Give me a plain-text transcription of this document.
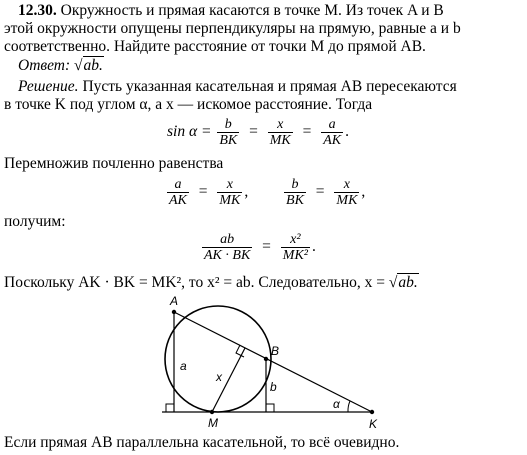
12.30. Окружность и прямая касаются в точке M. Из точек A и B
этой окружности опущены перпендикуляры на прямую, равные a и b
соответственно. Найдите расстояние от точки M до прямой AB.
Ответ: √ab.
Решение. Пусть указанная касательная и прямая AB пересекаются
в точке K под углом α, а x — искомое расстояние. Тогда
$\sin \alpha = \frac{b}{BK} = \frac{x}{MK} = \frac{a}{AK}$ .
Перемножив почленно равенства
$\frac{a}{AK} = \frac{x}{MK}$ ,	$\frac{b}{BK} = \frac{x}{MK}$ ,
получим:
$\frac{ab}{AK \cdot BK} = \frac{\text{x²}}{\text{MK²}}$ .
Поскольку AK · BK = MK², то x² = ab. Следовательно, x = √ab.
A
B
M	K
a
b
x
α
Если прямая AB параллельна касательной, то всё очевидно.
